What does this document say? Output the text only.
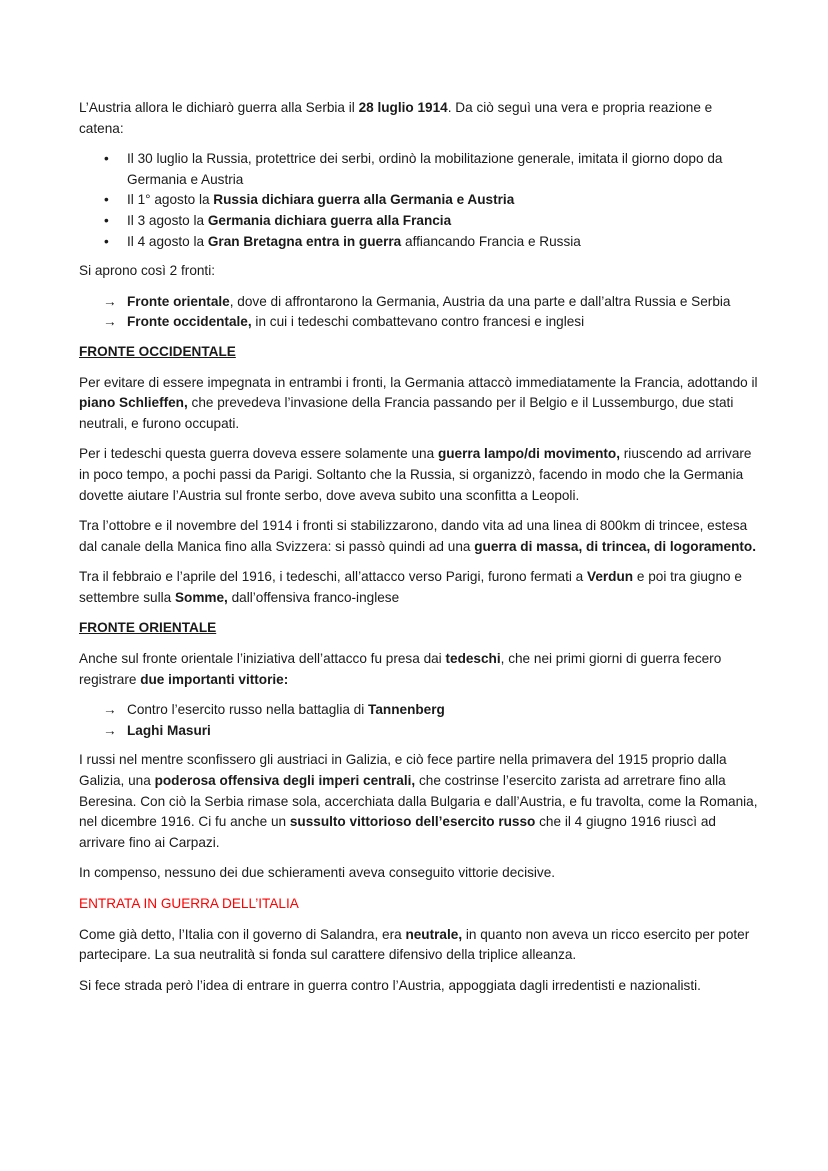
L’Austria allora le dichiarò guerra alla Serbia il 28 luglio 1914. Da ciò seguì una vera e propria reazione e catena:

• Il 30 luglio la Russia, protettrice dei serbi, ordinò la mobilitazione generale, imitata il giorno dopo da Germania e Austria
• Il 1° agosto la Russia dichiara guerra alla Germania e Austria
• Il 3 agosto la Germania dichiara guerra alla Francia
• Il 4 agosto la Gran Bretagna entra in guerra affiancando Francia e Russia

Si aprono così 2 fronti:

→ Fronte orientale, dove di affrontarono la Germania, Austria da una parte e dall’altra Russia e Serbia
→ Fronte occidentale, in cui i tedeschi combattevano contro francesi e inglesi
FRONTE OCCIDENTALE

Per evitare di essere impegnata in entrambi i fronti, la Germania attaccò immediatamente la Francia, adottando il piano Schlieffen, che prevedeva l’invasione della Francia passando per il Belgio e il Lussemburgo, due stati neutrali, e furono occupati.

Per i tedeschi questa guerra doveva essere solamente una guerra lampo/di movimento, riuscendo ad arrivare in poco tempo, a pochi passi da Parigi. Soltanto che la Russia, si organizzò, facendo in modo che la Germania dovette aiutare l’Austria sul fronte serbo, dove aveva subito una sconfitta a Leopoli.

Tra l’ottobre e il novembre del 1914 i fronti si stabilizzarono, dando vita ad una linea di 800km di trincee, estesa dal canale della Manica fino alla Svizzera: si passò quindi ad una guerra di massa, di trincea, di logoramento.

Tra il febbraio e l’aprile del 1916, i tedeschi, all’attacco verso Parigi, furono fermati a Verdun e poi tra giugno e settembre sulla Somme, dall’offensiva franco-inglese

FRONTE ORIENTALE

Anche sul fronte orientale l’iniziativa dell’attacco fu presa dai tedeschi, che nei primi giorni di guerra fecero registrare due importanti vittorie:

→ Contro l’esercito russo nella battaglia di Tannenberg
→ Laghi Masuri

I russi nel mentre sconfissero gli austriaci in Galizia, e ciò fece partire nella primavera del 1915 proprio dalla Galizia, una poderosa offensiva degli imperi centrali, che costrinse l’esercito zarista ad arretrare fino alla Beresina. Con ciò la Serbia rimase sola, accerchiata dalla Bulgaria e dall’Austria, e fu travolta, come la Romania, nel dicembre 1916. Ci fu anche un sussulto vittorioso dell’esercito russo che il 4 giugno 1916 riuscì ad arrivare fino ai Carpazi.

In compenso, nessuno dei due schieramenti aveva conseguito vittorie decisive.

ENTRATA IN GUERRA DELL’ITALIA

Come già detto, l’Italia con il governo di Salandra, era neutrale, in quanto non aveva un ricco esercito per poter partecipare. La sua neutralità si fonda sul carattere difensivo della triplice alleanza.

Si fece strada però l’idea di entrare in guerra contro l’Austria, appoggiata dagli irredentisti e nazionalisti.
